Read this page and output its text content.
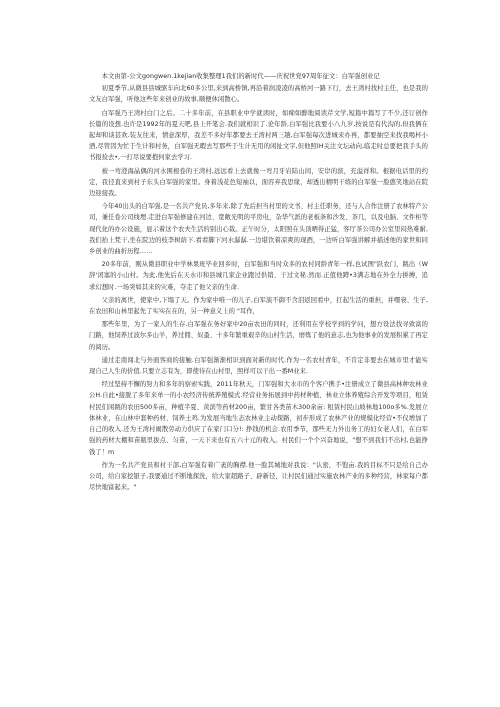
本文由第-公文gongwen.1kejian收集整理1我们的新时代——庆祝世党97周年征文：白军强创业记

初夏季节,从微县县城驱车向北60多公里,来到高桥镇,再沿着润凌凌的高桥河一路下行，去王湾村找村主任，也是我的文友白军强，听他这些年来创业的故事,顺便休闲散心。

白军强乃王湾村白门之后。二十多年前，在县职业中学就读时，如痴如醉地阅读芹文学,短篇中篇写了不少,还订创作长篇的设想.也许是1992年的夏天吧,县上开笔会.我们就相识了.论年龄,白军强比我要小八九岁,按说是有代沟的,但我俩在起却和谈甚欢.装友往来，情意深厚，我差不多好年都要去王湾村两三趟,白军强每次进城来办再，都要抽空来找我喝杯小酒,尽管因为忙于生计和村务，白军强无暇去写那些于生计无用的闲扯文字,但他照IH关注文坛动向,临走时总要把我手头的书报捡去•,一打尽说要抱何家去学习.

被一弯澄海晶偶的河水围根卷的王湾村,远远看上去就像一弯月牙岩陆山间，安岸的滨，充溢祥和。根据电话里的约定，我径直来到村子东头白军强的家里。身着浅花色短袖以，面容弃我思缘，却透出精明干练的白军强一脸憨笑地站在院边迎接我。

今年40出头的白军强,是一名共产党员,多年来,除了先后担当村里的文书、村主任职务，还与人合作注册了农林特产公司，兼任卷公司线埋.走进白军强修建在河边、宽敞光明的平房电，杂华气派的老板条和沙发、茶几，以及电脑、文件柜等现代化的办公设施，显示着这个农夫生活的别出心裁。正午时分，太阳照在头顶晒得正猛，客厅茶公司办公室里闷热难耐,我们抬上梵干,坐在院边的枝李树荫下.看看脚下河水潺潺.一边堪饮着凉爽的现酒，一边听白军强讲解并描述他的家世和同乡创业的曲折历程……

20多年前，刚从微县职业中学林果班毕业回乡时，白军强和当时众多的农村同龄青年一样,也试图"跃农门，跳出（W辞'闭塞的小山村。为此,他先后在天水市和县城几家企业跑过供销、干过文秘.然而.正值他蹲•3满志地在外全力拼搏，追求幻想时.一场突如其来的灾难，夺走了他父亲的生命.

父亲的离世，使家中,下塌了天。作为家中唯一的儿子,白军演不御不含泪返回看中，扛起生活的重担，并嘿衰、生子,在农田和山林里起先了实实在在的，另一种意义上的 "耳作，

那些年里，为了一家人的生存.白军强在务好家中20亩农田的同时，还利用在学校学到的学问，想方设法找寻致富的门路，他饲养过波尔多山羊，养过佣、奴蚤、十多年繁重艰辛的山村生活，磨炼了他的意志,也为他事业的发展积累了再定的阅历。

通过走南闯北与外面客商的接触.白军强渐渐相识到面对新的时代.作为一名农村青年，不肯定非要去在城市里才能实现自己人生的价值.只要立志有为，即使待在山村里，照样可以干出一番M业来.

经过坚持不懈的努力和多年的察索实践，2011年秋天，门军强和大水市的个客户携手•注册成立了微县高林种农林业公H.自此•接脱了多年来单一的小农经济传统养殖模式.经营业务拓展到中药材种植、林业立体养殖综合开发等项目，租赁村民们闲跳的农田500多亩，种植半夏、黄滨等药材200亩，繁甘各类苗木300余亩: 租赁村民山坡林地100o多%.发展立体林业，在山林中套种药材、饲养土鸡.为发展当地生态农林业主动探路，初步形成了农林产业的规模化经营•不仅增加了自己的收入.还为王湾村闹散劳动力供应了在家门口分!: 挣钱的机会.农用季节，那些无力外出务工的妇女老人们，在白军强的药材大棚和苗瓶里拔点、匀苗，一天下来也有五六十元的收入。村民们一个个兴奋地说，"想不到我们不出村,也能挣钱了！m

作为一名共产党员和村干部,白军强有着广袤的胸襟.他一脸其城地对我说："认密，不饱亩.我的目标不只是给自己办公司，给自家挖银子,我要通过不断地探洗，给大家超路子、辟新径，让村民们通过实施农林产业的多种经营，林家每户都尽快地富起来。"
